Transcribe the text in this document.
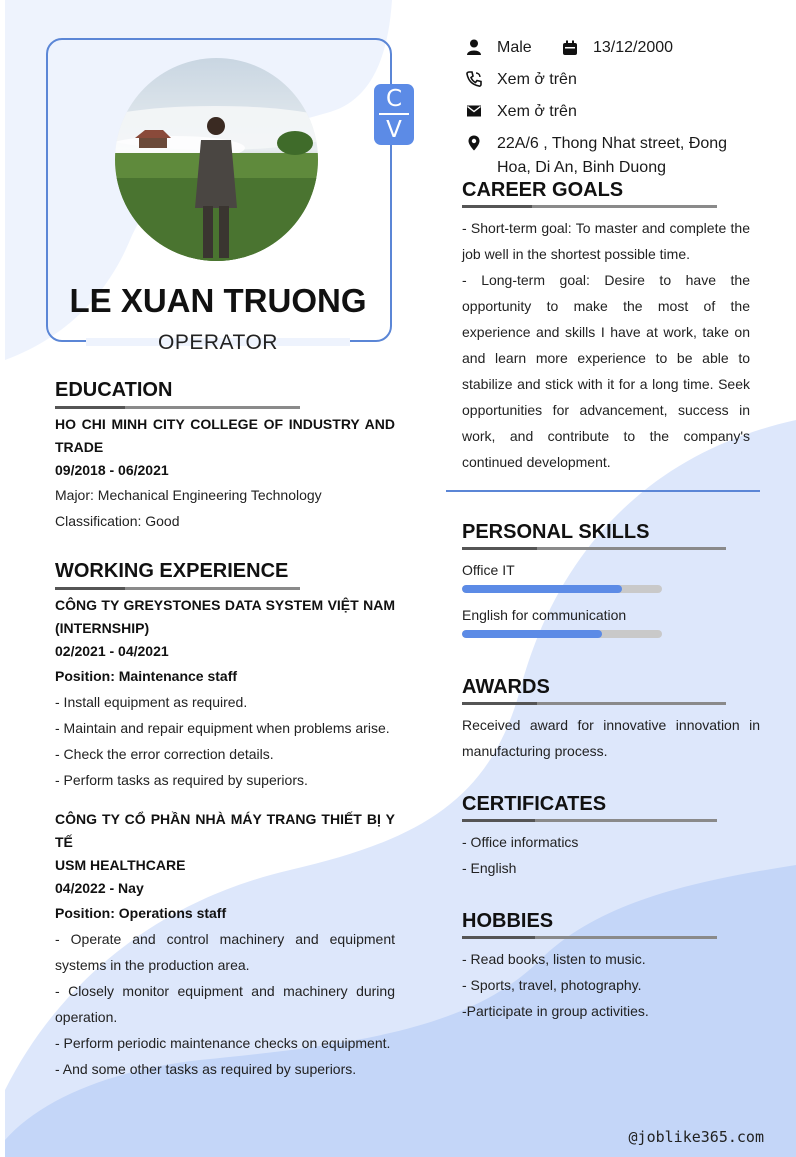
C
V
LE XUAN TRUONG
OPERATOR
Male	13/12/2000
Xem ở trên
Xem ở trên
22A/6 , Thong Nhat street, Đong
Hoa, Di An, Binh Duong
CAREER GOALS
- Short-term goal: To master and complete the
job well in the shortest possible time.
- Long-term goal: Desire to have the
opportunity to make the most of the
experience and skills I have at work, take on
and learn more experience to be able to
stabilize and stick with it for a long time. Seek
opportunities for advancement, success in
work, and contribute to the company's
continued development.
PERSONAL SKILLS
Office IT
English for communication
AWARDS
Received award for innovative innovation in
manufacturing process.
CERTIFICATES
- Office informatics
- English
HOBBIES
- Read books, listen to music.
- Sports, travel, photography.
-Participate in group activities.
EDUCATION
HO CHI MINH CITY COLLEGE OF INDUSTRY AND
TRADE
09/2018 - 06/2021
Major: Mechanical Engineering Technology
Classification: Good
WORKING EXPERIENCE
CÔNG TY GREYSTONES DATA SYSTEM VIỆT NAM
(INTERNSHIP)
02/2021 - 04/2021
Position: Maintenance staff
- Install equipment as required.
- Maintain and repair equipment when problems arise.
- Check the error correction details.
- Perform tasks as required by superiors.
CÔNG TY CỔ PHẦN NHÀ MÁY TRANG THIẾT BỊ Y TẾ
USM HEALTHCARE
04/2022 - Nay
Position: Operations staff
- Operate and control machinery and equipment
systems in the production area.
- Closely monitor equipment and machinery during
operation.
- Perform periodic maintenance checks on equipment.
- And some other tasks as required by superiors.
@joblike365.com
